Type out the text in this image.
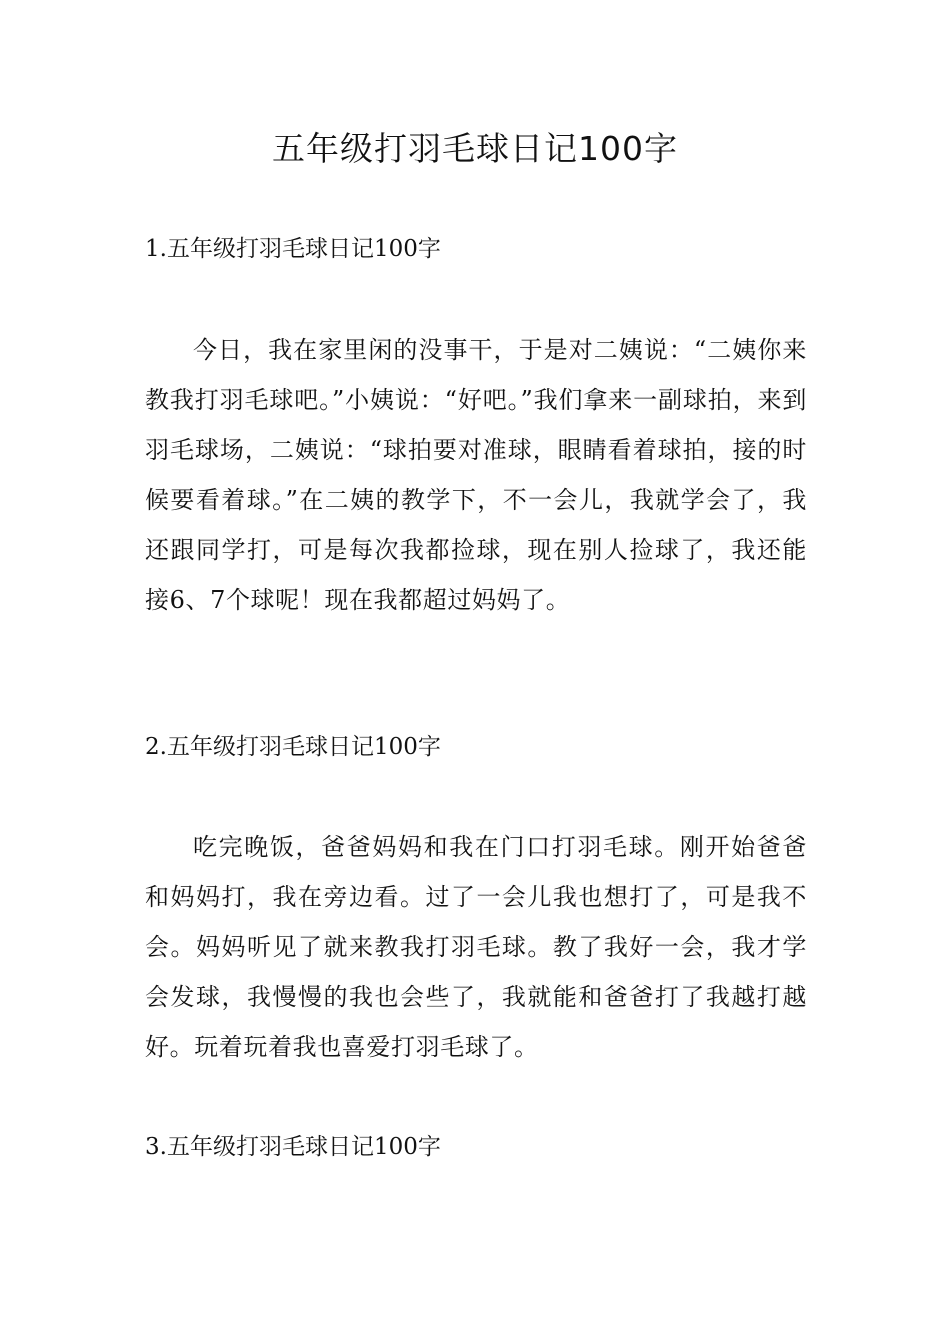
五年级打羽毛球日记100字
1.五年级打羽毛球日记100字

今日，我在家里闲的没事干，于是对二姨说：“二姨你来教我打羽毛球吧。”小姨说：“好吧。”我们拿来一副球拍，来到羽毛球场，二姨说：“球拍要对准球，眼睛看着球拍，接的时候要看着球。”在二姨的教学下，不一会儿，我就学会了，我还跟同学打，可是每次我都捡球，现在别人捡球了，我还能接6、7个球呢！现在我都超过妈妈了。

2.五年级打羽毛球日记100字

吃完晚饭，爸爸妈妈和我在门口打羽毛球。刚开始爸爸和妈妈打，我在旁边看。过了一会儿我也想打了，可是我不会。妈妈听见了就来教我打羽毛球。教了我好一会，我才学会发球，我慢慢的我也会些了，我就能和爸爸打了我越打越好。玩着玩着我也喜爱打羽毛球了。

3.五年级打羽毛球日记100字
